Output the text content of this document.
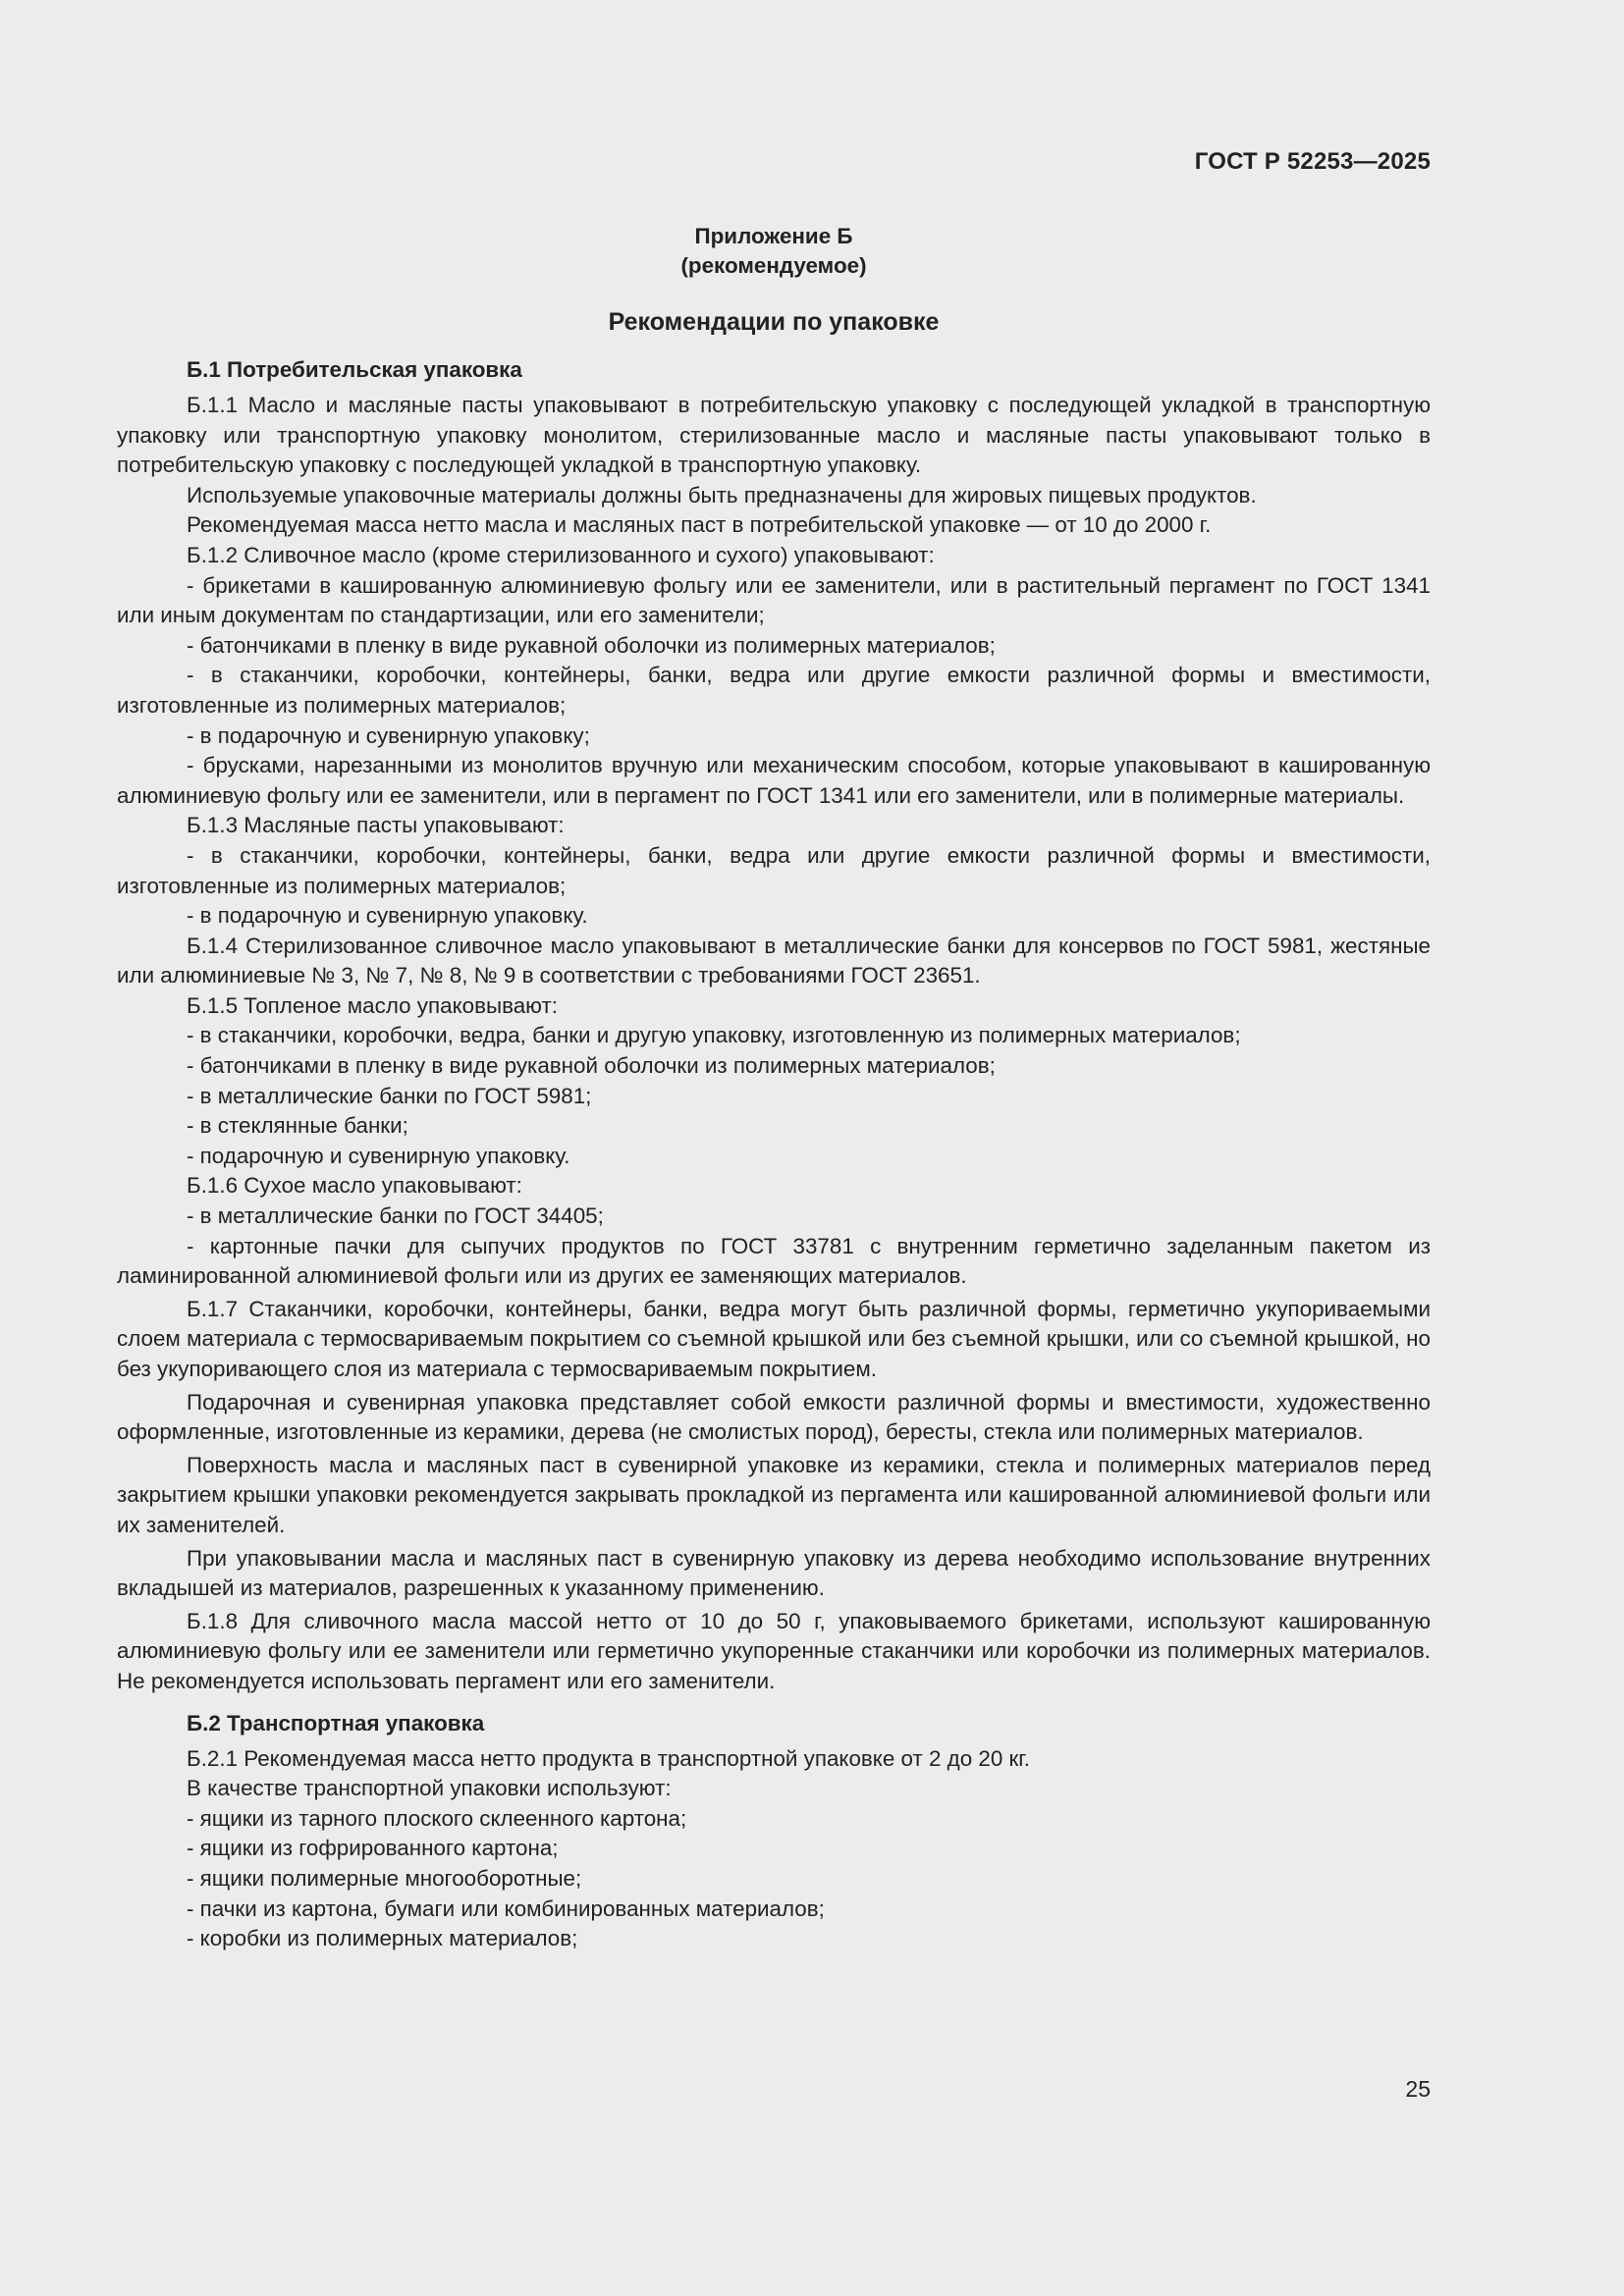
ГОСТ Р 52253—2025
Приложение Б
(рекомендуемое)
Рекомендации по упаковке
Б.1 Потребительская упаковка

Б.1.1 Масло и масляные пасты упаковывают в потребительскую упаковку с последующей укладкой в транспортную упаковку или транспортную упаковку монолитом, стерилизованные масло и масляные пасты упаковывают только в потребительскую упаковку с последующей укладкой в транспортную упаковку.

Используемые упаковочные материалы должны быть предназначены для жировых пищевых продуктов.

Рекомендуемая масса нетто масла и масляных паст в потребительской упаковке — от 10 до 2000 г.

Б.1.2 Сливочное масло (кроме стерилизованного и сухого) упаковывают:

- брикетами в кашированную алюминиевую фольгу или ее заменители, или в растительный пергамент по ГОСТ 1341 или иным документам по стандартизации, или его заменители;

- батончиками в пленку в виде рукавной оболочки из полимерных материалов;

- в стаканчики, коробочки, контейнеры, банки, ведра или другие емкости различной формы и вместимости, изготовленные из полимерных материалов;

- в подарочную и сувенирную упаковку;

- брусками, нарезанными из монолитов вручную или механическим способом, которые упаковывают в кашированную алюминиевую фольгу или ее заменители, или в пергамент по ГОСТ 1341 или его заменители, или в полимерные материалы.

Б.1.3 Масляные пасты упаковывают:

- в стаканчики, коробочки, контейнеры, банки, ведра или другие емкости различной формы и вместимости, изготовленные из полимерных материалов;

- в подарочную и сувенирную упаковку.

Б.1.4 Стерилизованное сливочное масло упаковывают в металлические банки для консервов по ГОСТ 5981, жестяные или алюминиевые № 3, № 7, № 8, № 9 в соответствии с требованиями ГОСТ 23651.

Б.1.5 Топленое масло упаковывают:

- в стаканчики, коробочки, ведра, банки и другую упаковку, изготовленную из полимерных материалов;

- батончиками в пленку в виде рукавной оболочки из полимерных материалов;

- в металлические банки по ГОСТ 5981;

- в стеклянные банки;

- подарочную и сувенирную упаковку.

Б.1.6 Сухое масло упаковывают:

- в металлические банки по ГОСТ 34405;

- картонные пачки для сыпучих продуктов по ГОСТ 33781 с внутренним герметично заделанным пакетом из ламинированной алюминиевой фольги или из других ее заменяющих материалов.

Б.1.7 Стаканчики, коробочки, контейнеры, банки, ведра могут быть различной формы, герметично укупориваемыми слоем материала с термосвариваемым покрытием со съемной крышкой или без съемной крышки, или со съемной крышкой, но без укупоривающего слоя из материала с термосвариваемым покрытием.

Подарочная и сувенирная упаковка представляет собой емкости различной формы и вместимости, художественно оформленные, изготовленные из керамики, дерева (не смолистых пород), бересты, стекла или полимерных материалов.

Поверхность масла и масляных паст в сувенирной упаковке из керамики, стекла и полимерных материалов перед закрытием крышки упаковки рекомендуется закрывать прокладкой из пергамента или кашированной алюминиевой фольги или их заменителей.

При упаковывании масла и масляных паст в сувенирную упаковку из дерева необходимо использование внутренних вкладышей из материалов, разрешенных к указанному применению.

Б.1.8 Для сливочного масла массой нетто от 10 до 50 г, упаковываемого брикетами, используют кашированную алюминиевую фольгу или ее заменители или герметично укупоренные стаканчики или коробочки из полимерных материалов. Не рекомендуется использовать пергамент или его заменители.

Б.2 Транспортная упаковка

Б.2.1 Рекомендуемая масса нетто продукта в транспортной упаковке от 2 до 20 кг.

В качестве транспортной упаковки используют:

- ящики из тарного плоского склеенного картона;

- ящики из гофрированного картона;

- ящики полимерные многооборотные;

- пачки из картона, бумаги или комбинированных материалов;

- коробки из полимерных материалов;

25
